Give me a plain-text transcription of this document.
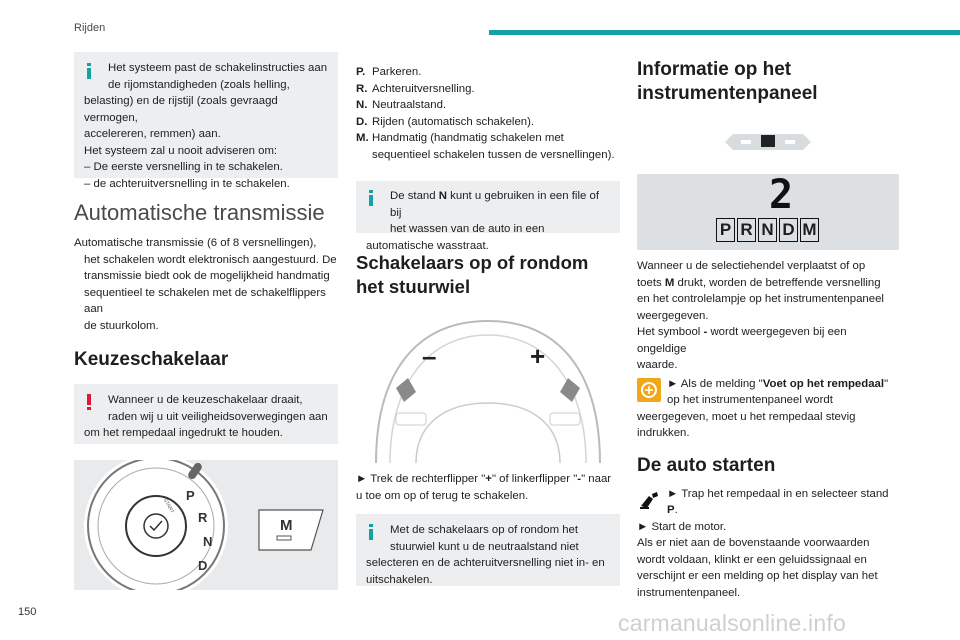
Rijden

Het systeem past de schakelinstructies aan

de rijomstandigheden (zoals helling,

belasting) en de rijstijl (zoals gevraagd vermogen,

accelereren, remmen) aan.

Het systeem zal u nooit adviseren om:

– De eerste versnelling in te schakelen.

– de achteruitversnelling in te schakelen.

Automatische transmissie

Automatische transmissie (6 of 8 versnellingen),

het schakelen wordt elektronisch aangestuurd. De

transmissie biedt ook de mogelijkheid handmatig

sequentieel te schakelen met de schakelflippers aan

de stuurkolom.

Keuzeschakelaar

Wanneer u de keuzeschakelaar draait,

raden wij u uit veiligheidsoverwegingen aan

om het rempedaal ingedrukt te houden.

P
R
N
D
START
M
P. Parkeren.
R. Achteruitversnelling.
N. Neutraalstand.
D. Rijden (automatisch schakelen).
M. Handmatig (handmatig schakelen met
sequentieel schakelen tussen de versnellingen).

De stand N kunt u gebruiken in een file of bij

het wassen van de auto in een

automatische wasstraat.

Schakelaars op of rondom het stuurwiel
–	+

► Trek de rechterflipper "+" of linkerflipper "-" naar

u toe om op of terug te schakelen.

Met de schakelaars op of rondom het

stuurwiel kunt u de neutraalstand niet

selecteren en de achteruitversnelling niet in- en

uitschakelen.

Informatie op het instrumentenpaneel
2
P R N D M

Wanneer u de selectiehendel verplaatst of op

toets M drukt, worden de betreffende versnelling

en het controlelampje op het instrumentenpaneel

weergegeven.

Het symbool - wordt weergegeven bij een ongeldige

waarde.

► Als de melding "Voet op het rempedaal"

op het instrumentenpaneel wordt

weergegeven, moet u het rempedaal stevig

indrukken.

De auto starten

► Trap het rempedaal in en selecteer stand

P.

► Start de motor.

Als er niet aan de bovenstaande voorwaarden

wordt voldaan, klinkt er een geluidssignaal en

verschijnt er een melding op het display van het

instrumentenpaneel.

150	carmanualsonline.info
